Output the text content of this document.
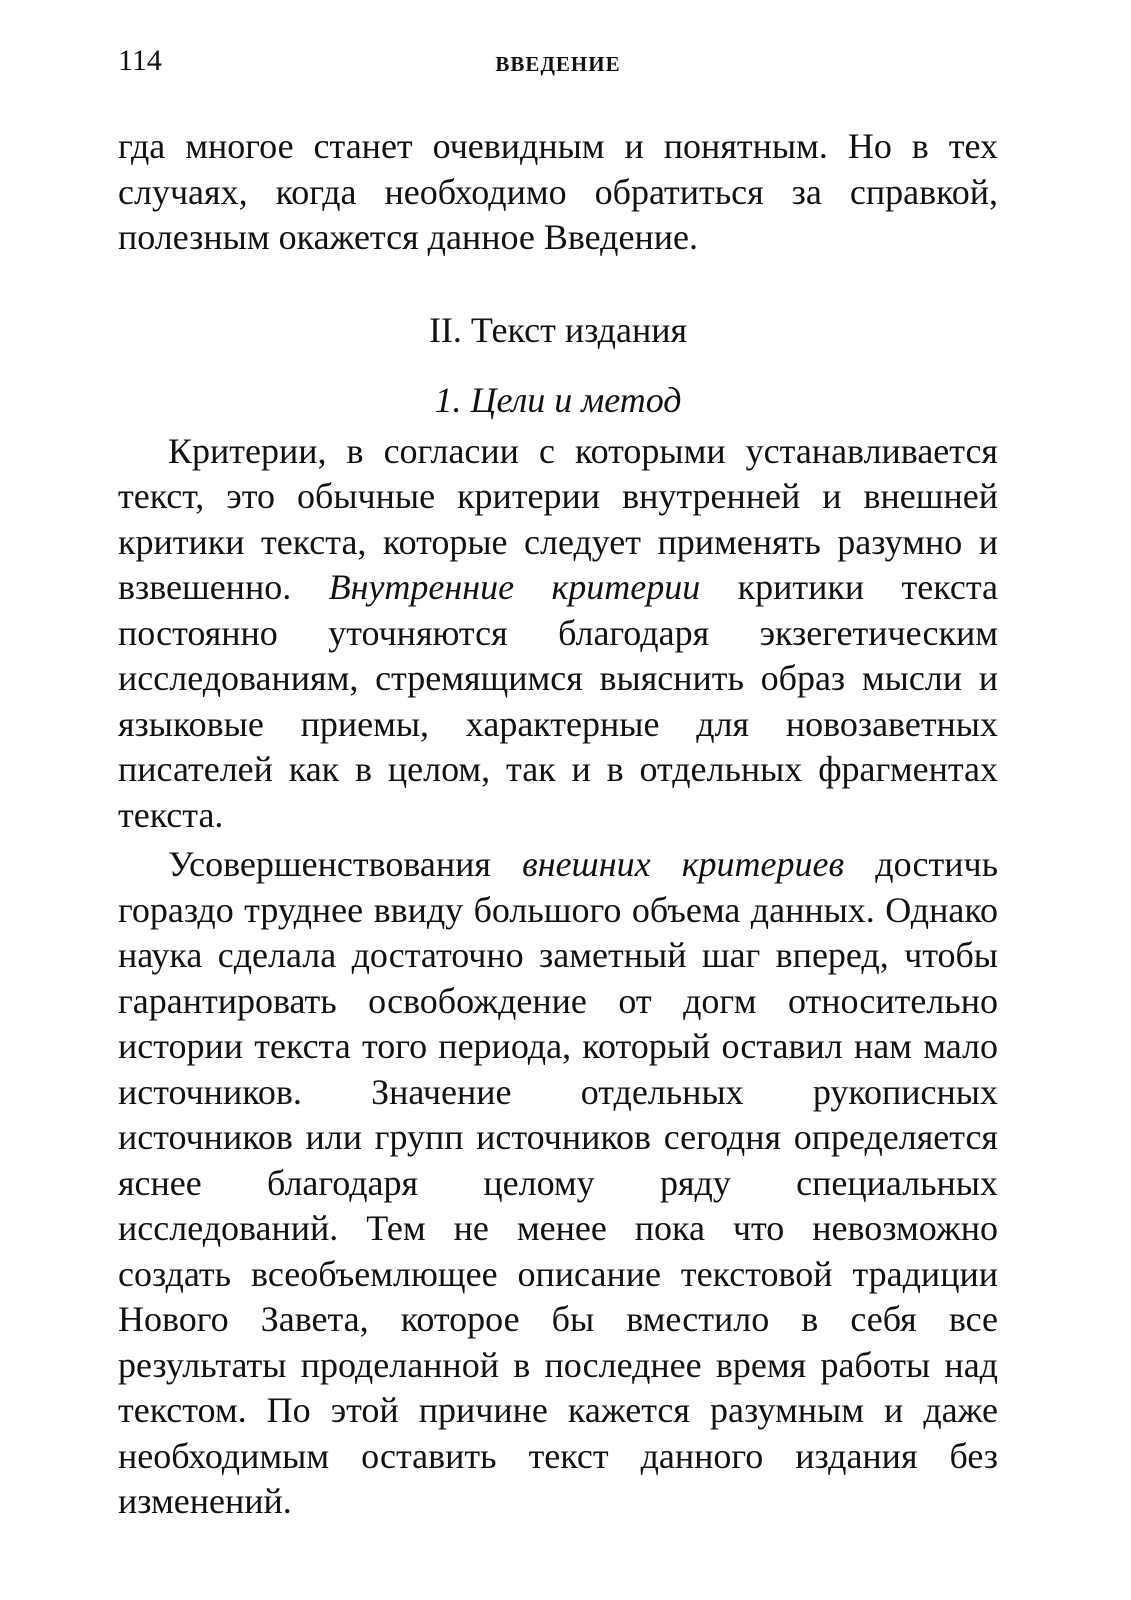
114	ВВЕДЕНИЕ

гда многое станет очевидным и понятным. Но в тех случаях, когда необходимо обратиться за справкой, полезным окажется данное Введение.

II. Текст издания
1. Цели и метод

Критерии, в согласии с которыми устанавливается текст, это обычные критерии внутренней и внешней критики текста, которые следует применять разумно и взвешенно. Внутренние критерии критики текста постоянно уточняются благодаря экзегетическим исследованиям, стремящимся выяснить образ мысли и языковые приемы, характерные для новозаветных писателей как в целом, так и в отдельных фрагментах текста.

Усовершенствования внешних критериев достичь гораздо труднее ввиду большого объема данных. Однако наука сделала достаточно заметный шаг вперед, чтобы гарантировать освобождение от догм относительно истории текста того периода, который оставил нам мало источников. Значение отдельных рукописных источников или групп источников сегодня определяется яснее благодаря целому ряду специальных исследований. Тем не менее пока что невозможно создать всеобъемлющее описание текстовой традиции Нового Завета, которое бы вместило в себя все результаты проделанной в последнее время работы над текстом. По этой причине кажется разумным и даже необходимым оставить текст данного издания без изменений.
